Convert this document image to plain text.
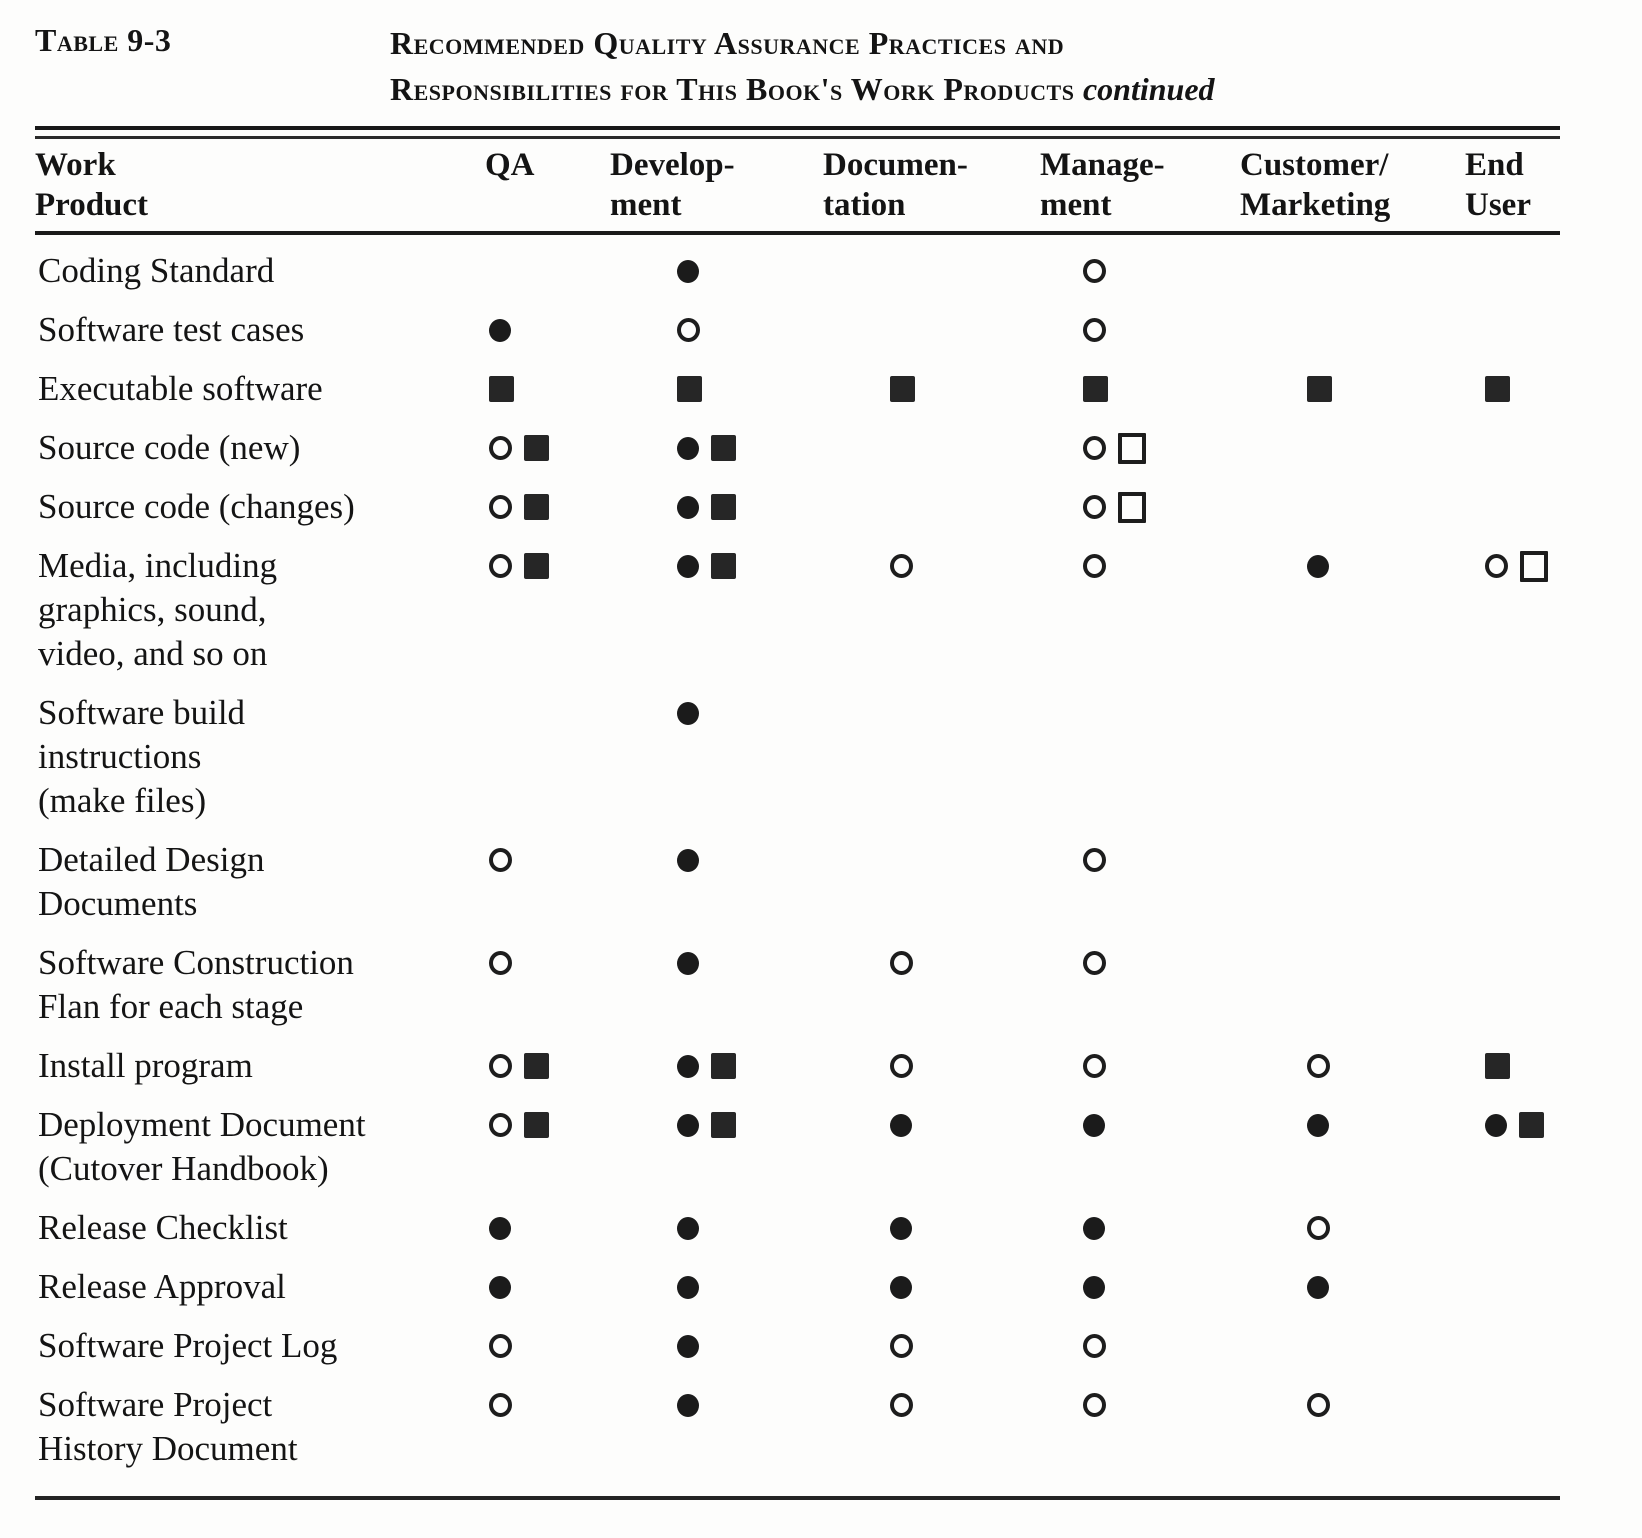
Table 9-3	Recommended Quality Assurance Practices and
Responsibilities for This Book's Work Products continued
Work
Product
QA	Develop-
ment
Documen-
tation
Manage-
ment
Customer/
Marketing
End
User
Coding Standard
Software test cases
Executable software
Source code (new)
Source code (changes)
Media, including
graphics, sound,
video, and so on
Software build
instructions
(make files)
Detailed Design
Documents
Software Construction
Flan for each stage
Install program
Deployment Document
(Cutover Handbook)
Release Checklist
Release Approval
Software Project Log
Software Project
History Document
